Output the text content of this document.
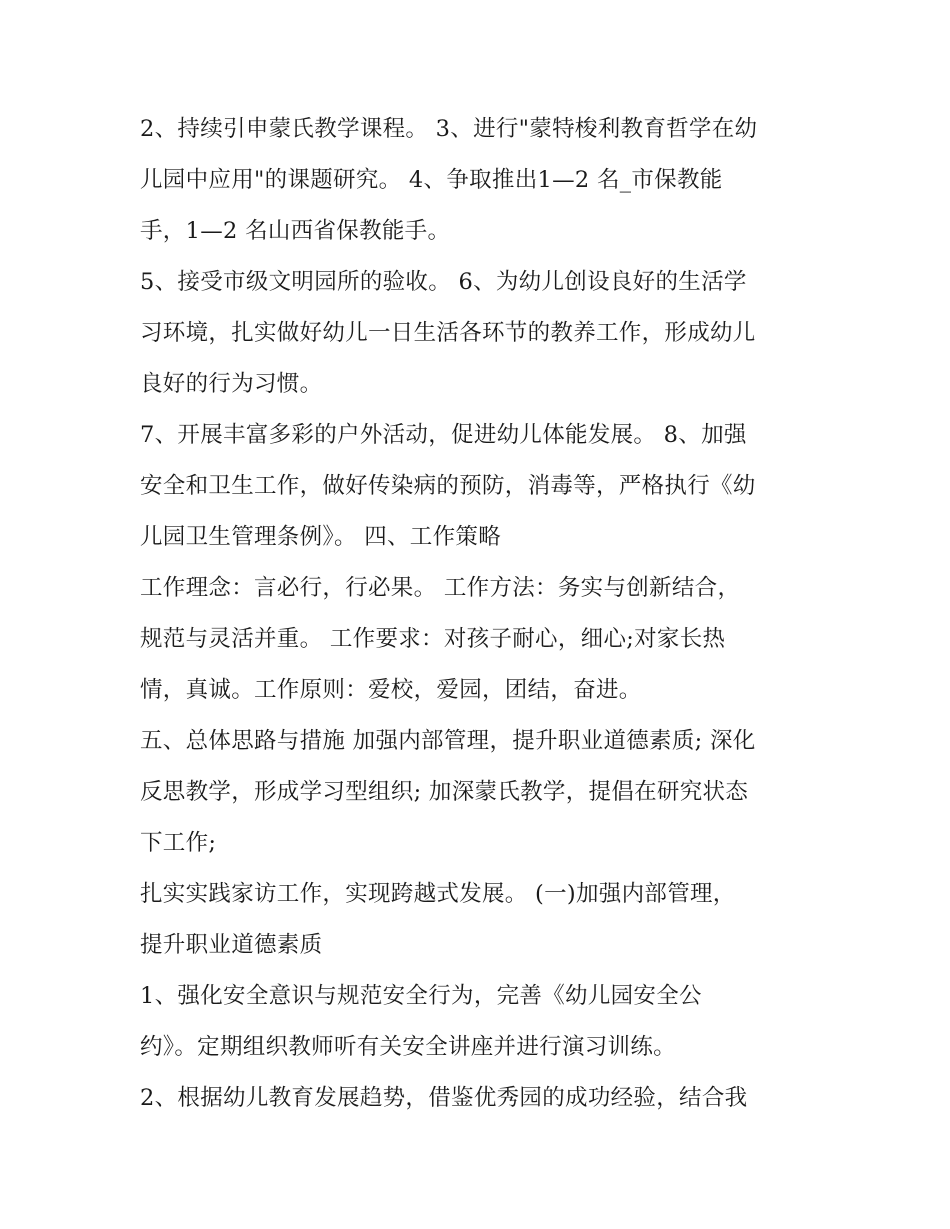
2、持续引申蒙氏教学课程。 3、进行"蒙特梭利教育哲学在幼
儿园中应用"的课题研究。 4、争取推出1—2 名_市保教能
手，1—2 名山西省保教能手。
5、接受市级文明园所的验收。 6、为幼儿创设良好的生活学
习环境，扎实做好幼儿一日生活各环节的教养工作，形成幼儿
良好的行为习惯。
7、开展丰富多彩的户外活动，促进幼儿体能发展。 8、加强
安全和卫生工作，做好传染病的预防，消毒等，严格执行《幼
儿园卫生管理条例》。 四、工作策略
工作理念：言必行，行必果。 工作方法：务实与创新结合，
规范与灵活并重。 工作要求：对孩子耐心，细心;对家长热
情，真诚。工作原则：爱校，爱园，团结，奋进。
五、总体思路与措施 加强内部管理，提升职业道德素质; 深化
反思教学，形成学习型组织; 加深蒙氏教学，提倡在研究状态
下工作;
扎实实践家访工作，实现跨越式发展。 (一)加强内部管理，
提升职业道德素质
1、强化安全意识与规范安全行为，完善《幼儿园安全公
约》。定期组织教师听有关安全讲座并进行演习训练。
2、根据幼儿教育发展趋势，借鉴优秀园的成功经验，结合我
